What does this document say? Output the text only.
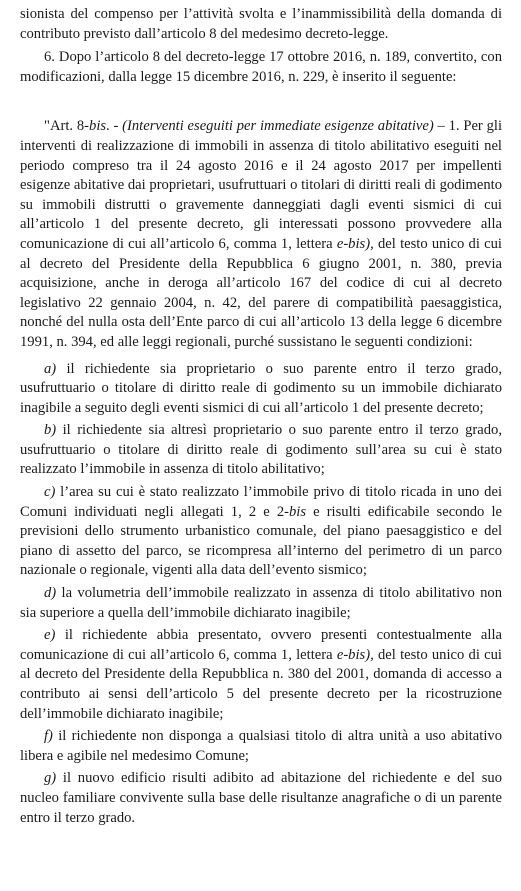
sionista del compenso per l’attività svolta e l’inammissibilità della domanda di contributo previsto dall’articolo 8 del medesimo decreto-legge.

6. Dopo l’articolo 8 del decreto-legge 17 ottobre 2016, n. 189, convertito, con modificazioni, dalla legge 15 dicembre 2016, n. 229, è inserito il seguente:

"Art. 8-bis. - (Interventi eseguiti per immediate esigenze abitative) – 1. Per gli interventi di realizzazione di immobili in assenza di titolo abilitativo eseguiti nel periodo compreso tra il 24 agosto 2016 e il 24 agosto 2017 per impellenti esigenze abitative dai proprietari, usufruttuari o titolari di diritti reali di godimento su immobili distrutti o gravemente danneggiati dagli eventi sismici di cui all’articolo 1 del presente decreto, gli interessati possono provvedere alla comunicazione di cui all’articolo 6, comma 1, lettera e-bis), del testo unico di cui al decreto del Presidente della Repubblica 6 giugno 2001, n. 380, previa acquisizione, anche in deroga all’articolo 167 del codice di cui al decreto legislativo 22 gennaio 2004, n. 42, del parere di compatibilità paesaggistica, nonché del nulla osta dell’Ente parco di cui all’articolo 13 della legge 6 dicembre 1991, n. 394, ed alle leggi regionali, purché sussistano le seguenti condizioni:

a) il richiedente sia proprietario o suo parente entro il terzo grado, usufruttuario o titolare di diritto reale di godimento su un immobile dichiarato inagibile a seguito degli eventi sismici di cui all’articolo 1 del presente decreto;

b) il richiedente sia altresì proprietario o suo parente entro il terzo grado, usufruttuario o titolare di diritto reale di godimento sull’area su cui è stato realizzato l’immobile in assenza di titolo abilitativo;

c) l’area su cui è stato realizzato l’immobile privo di titolo ricada in uno dei Comuni individuati negli allegati 1, 2 e 2-bis e risulti edificabile secondo le previsioni dello strumento urbanistico comunale, del piano paesaggistico e del piano di assetto del parco, se ricompresa all’interno del perimetro di un parco nazionale o regionale, vigenti alla data dell’evento sismico;

d) la volumetria dell’immobile realizzato in assenza di titolo abilitativo non sia superiore a quella dell’immobile dichiarato inagibile;

e) il richiedente abbia presentato, ovvero presenti contestualmente alla comunicazione di cui all’articolo 6, comma 1, lettera e-bis), del testo unico di cui al decreto del Presidente della Repubblica n. 380 del 2001, domanda di accesso a contributo ai sensi dell’articolo 5 del presente decreto per la ricostruzione dell’immobile dichiarato inagibile;

f) il richiedente non disponga a qualsiasi titolo di altra unità a uso abitativo libera e agibile nel medesimo Comune;

g) il nuovo edificio risulti adibito ad abitazione del richiedente e del suo nucleo familiare convivente sulla base delle risultanze anagrafiche o di un parente entro il terzo grado.
